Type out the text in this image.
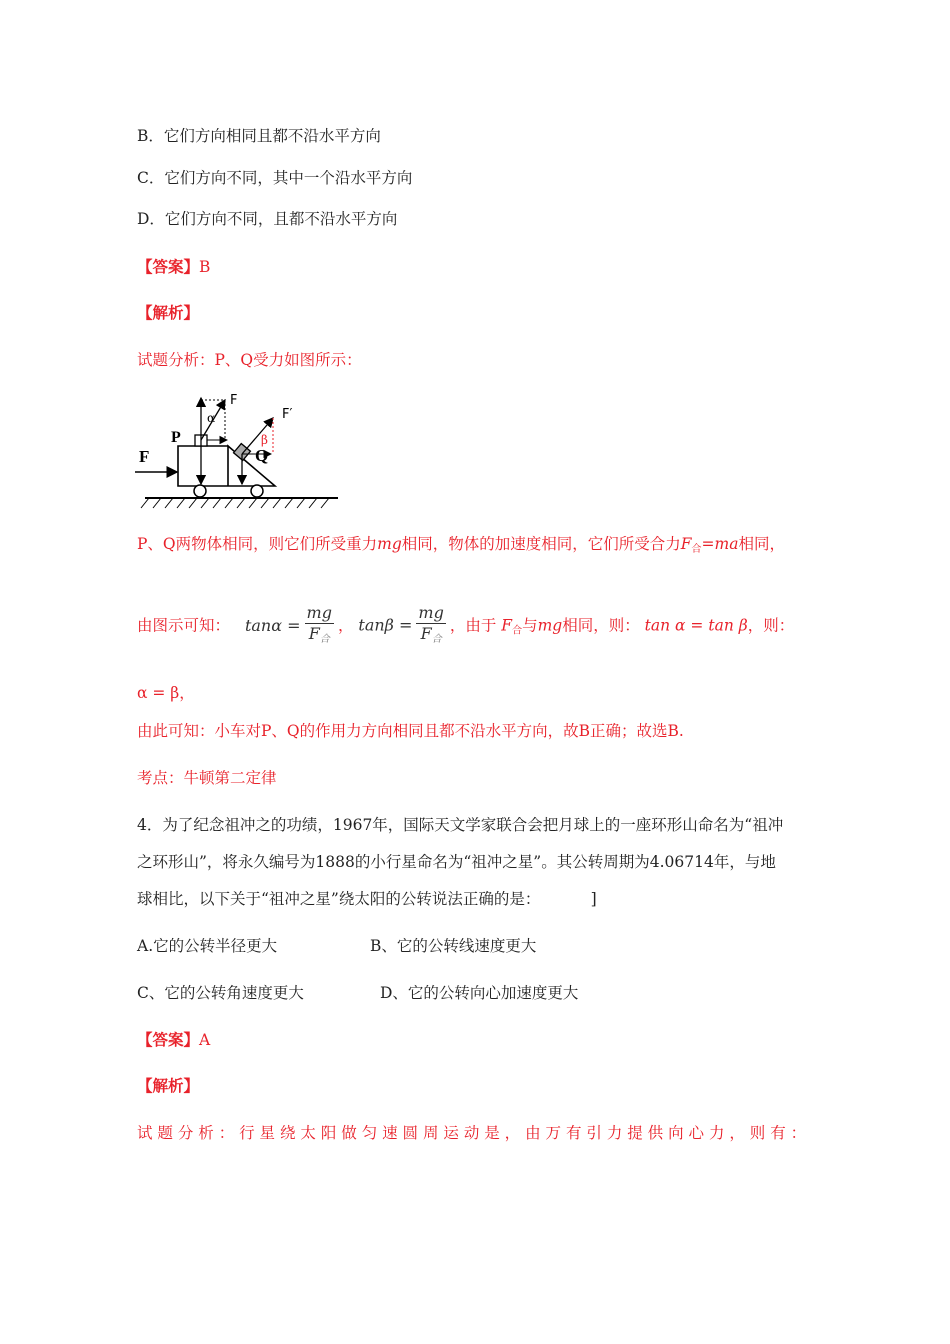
B．它们方向相同且都不沿水平方向
C．它们方向不同，其中一个沿水平方向
D．它们方向不同，且都不沿水平方向
【答案】B
【解析】
试题分析：P、Q受力如图所示：
F
P
α
F
Q
β
F′
P、Q两物体相同，则它们所受重力mg相同，物体的加速度相同，它们所受合力$F_合=ma$相同，
由图示可知： $\tan\alpha = \frac{mg}{F_合}$ ， $\tan\beta = \frac{mg}{F_合}$ ，由于 $F_合$与mg相同，则： tan α = tan β，则：
α = β，
由此可知：小车对P、Q的作用力方向相同且都不沿水平方向，故B正确；故选B.
考点：牛顿第二定律
4．为了纪念祖冲之的功绩，1967年，国际天文学家联合会把月球上的一座环形山命名为“祖冲
之环形山”，将永久编号为1888的小行星命名为“祖冲之星”。其公转周期为4.06714年，与地
球相比，以下关于“祖冲之星”绕太阳的公转说法正确的是：	]
A.它的公转半径更大	B、它的公转线速度更大
C、它的公转角速度更大	D、它的公转向心加速度更大
【答案】A
【解析】
试 题 分 析 ： 行 星 绕 太 阳 做 匀 速 圆 周 运 动 是 ， 由 万 有 引 力 提 供 向 心 力 ， 则 有 ：
